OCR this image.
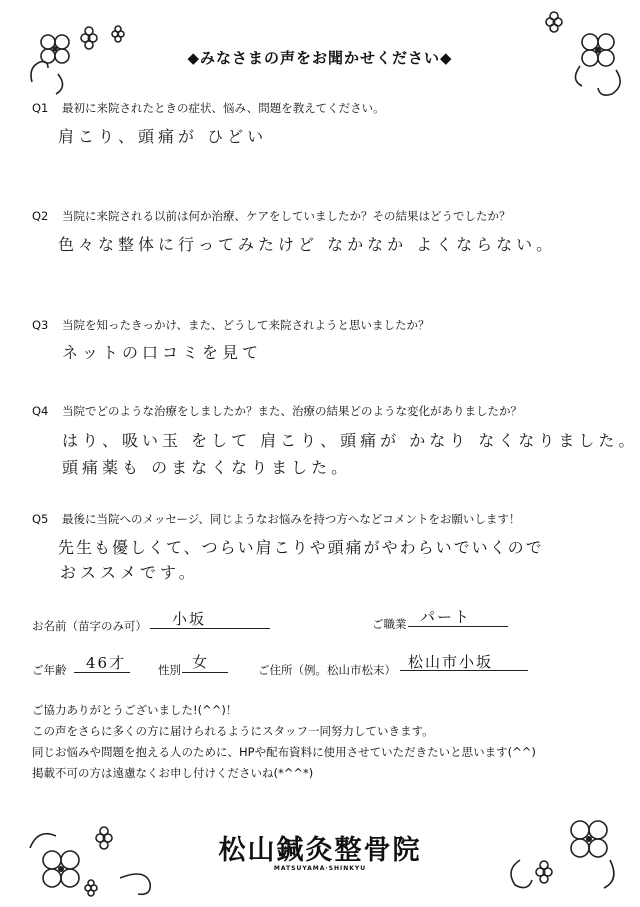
◆みなさまの声をお聞かせください◆
Q1 最初に来院されたときの症状、悩み、問題を教えてください。
肩こり、頭痛が ひどい
Q2 当院に来院される以前は何か治療、ケアをしていましたか？その結果はどうでしたか？
色々な整体に行ってみたけど なかなか よくならない。
Q3 当院を知ったきっかけ、また、どうして来院されようと思いましたか？
ネットの口コミを見て
Q4 当院でどのような治療をしましたか？また、治療の結果どのような変化がありましたか？
はり、吸い玉 をして 肩こり、頭痛が かなり なくなりました。
頭痛薬も のまなくなりました。
Q5 最後に当院へのメッセージ、同じようなお悩みを持つ方へなどコメントをお願いします！
先生も優しくて、つらい肩こりや頭痛がやわらいでいくので
おススメです。
お名前（苗字のみ可） 小坂	ご職業 パート
ご年齢 46才	性別 女	ご住所（例。松山市松末） 松山市小坂
ご協力ありがとうございました!(^^)！
この声をさらに多くの方に届けられるようにスタッフ一同努力していきます。
同じお悩みや問題を抱える人のために、HPや配布資料に使用させていただきたいと思います(^^)
掲載不可の方は遠慮なくお申し付けくださいね(*^^*)
松山鍼灸整骨院
MATSUYAMA·SHINKYU
